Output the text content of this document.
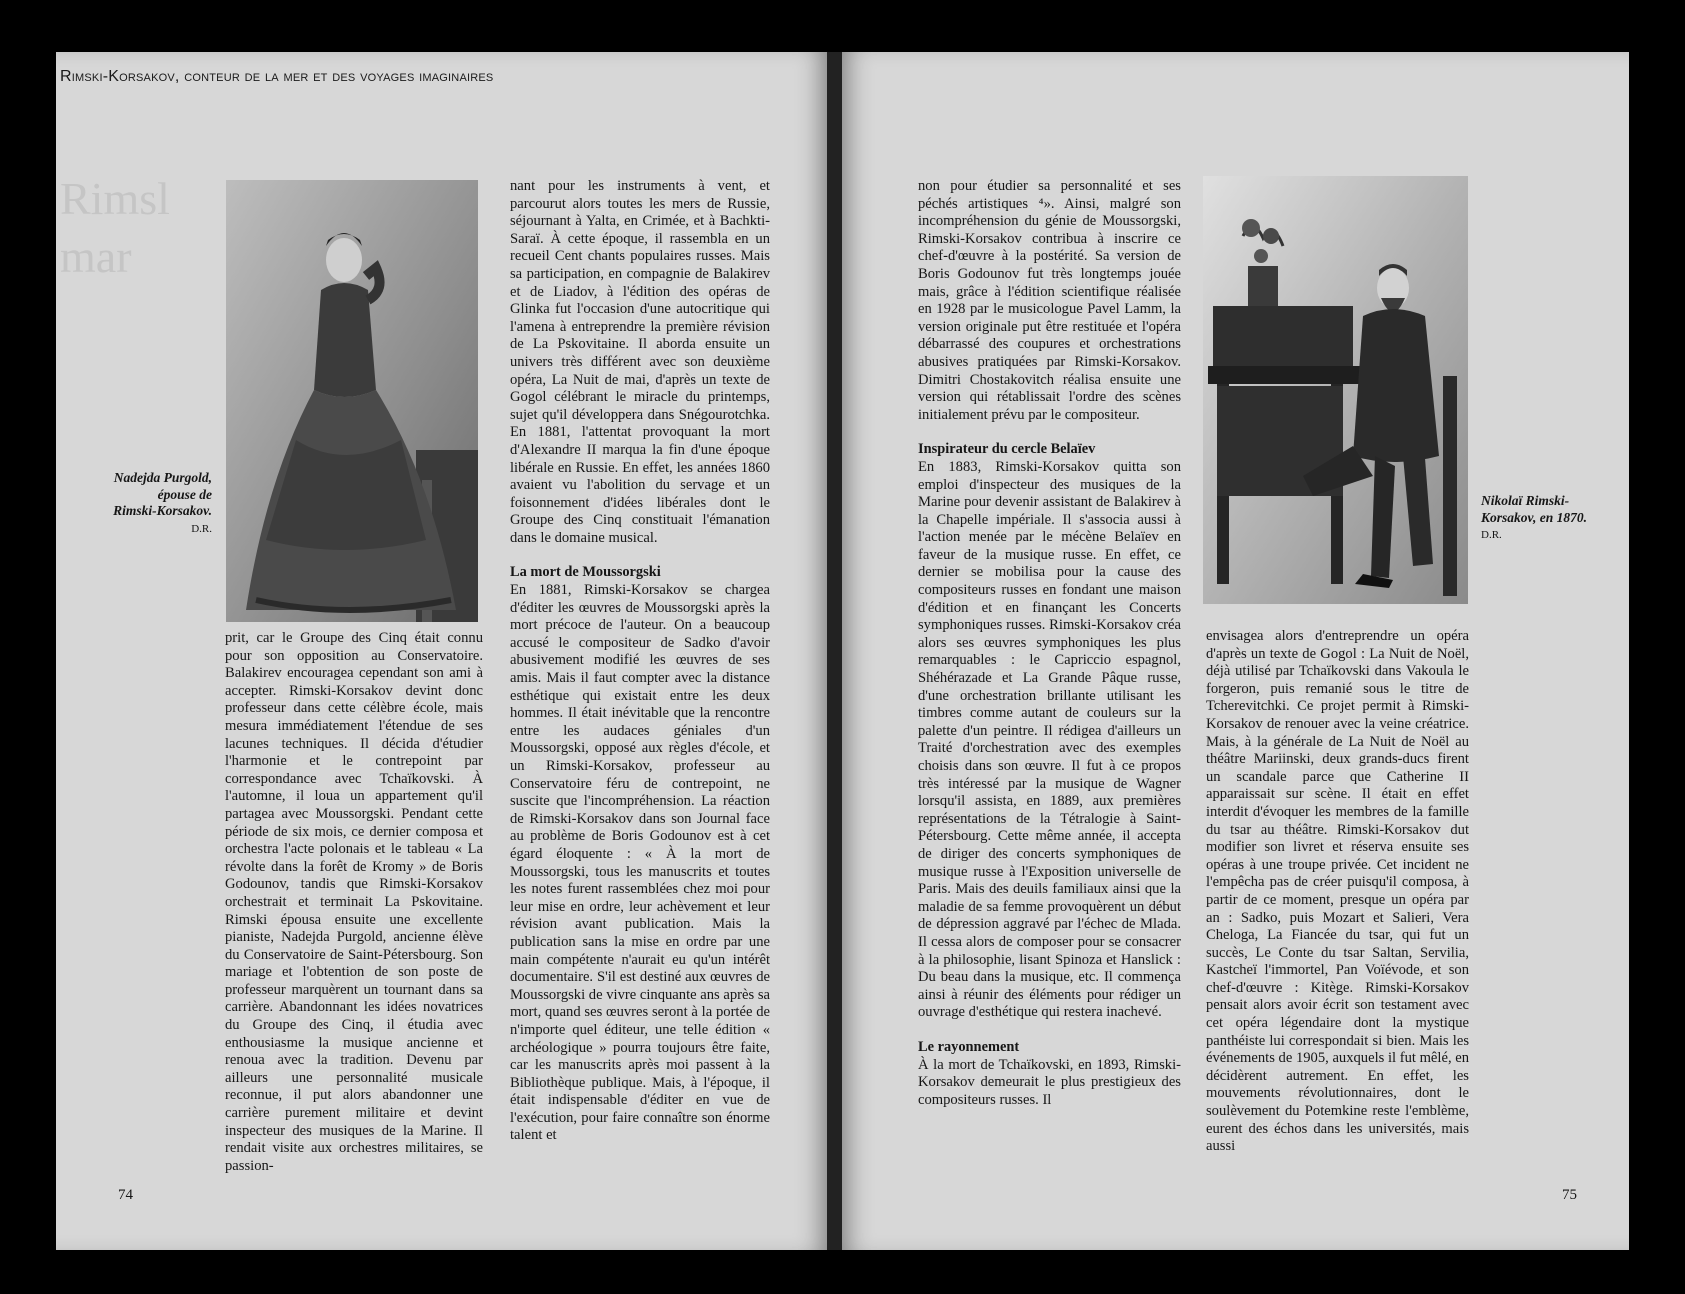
Rimsl
mar
Rimski-Korsakov, conteur de la mer et des voyages imaginaires
Nadejda Purgold, épouse de Rimski-Korsakov. D.R.

prit, car le Groupe des Cinq était connu pour son opposition au Conservatoire. Balakirev encouragea cependant son ami à accepter. Rimski-Korsakov devint donc professeur dans cette célèbre école, mais mesura immédiatement l'étendue de ses lacunes techniques. Il décida d'étudier l'harmonie et le contrepoint par correspondance avec Tchaïkovski. À l'automne, il loua un appartement qu'il partagea avec Moussorgski. Pendant cette période de six mois, ce dernier composa et orchestra l'acte polonais et le tableau « La révolte dans la forêt de Kromy » de Boris Godounov, tandis que Rimski-Korsakov orchestrait et terminait La Pskovitaine. Rimski épousa ensuite une excellente pianiste, Nadejda Purgold, ancienne élève du Conservatoire de Saint-Pétersbourg. Son mariage et l'obtention de son poste de professeur marquèrent un tournant dans sa carrière. Abandonnant les idées novatrices du Groupe des Cinq, il étudia avec enthousiasme la musique ancienne et renoua avec la tradition. Devenu par ailleurs une personnalité musicale reconnue, il put alors abandonner une carrière purement militaire et devint inspecteur des musiques de la Marine. Il rendait visite aux orchestres militaires, se passion-

nant pour les instruments à vent, et parcourut alors toutes les mers de Russie, séjournant à Yalta, en Crimée, et à Bachkti-Saraï. À cette époque, il rassembla en un recueil Cent chants populaires russes. Mais sa participation, en compagnie de Balakirev et de Liadov, à l'édition des opéras de Glinka fut l'occasion d'une autocritique qui l'amena à entreprendre la première révision de La Pskovitaine. Il aborda ensuite un univers très différent avec son deuxième opéra, La Nuit de mai, d'après un texte de Gogol célébrant le miracle du printemps, sujet qu'il développera dans Snégourotchka. En 1881, l'attentat provoquant la mort d'Alexandre II marqua la fin d'une époque libérale en Russie. En effet, les années 1860 avaient vu l'abolition du servage et un foisonnement d'idées libérales dont le Groupe des Cinq constituait l'émanation dans le domaine musical.

La mort de Moussorgski

En 1881, Rimski-Korsakov se chargea d'éditer les œuvres de Moussorgski après la mort précoce de l'auteur. On a beaucoup accusé le compositeur de Sadko d'avoir abusivement modifié les œuvres de ses amis. Mais il faut compter avec la distance esthétique qui existait entre les deux hommes. Il était inévitable que la rencontre entre les audaces géniales d'un Moussorgski, opposé aux règles d'école, et un Rimski-Korsakov, professeur au Conservatoire féru de contrepoint, ne suscite que l'incompréhension. La réaction de Rimski-Korsakov dans son Journal face au problème de Boris Godounov est à cet égard éloquente : « À la mort de Moussorgski, tous les manuscrits et toutes les notes furent rassemblées chez moi pour leur mise en ordre, leur achèvement et leur révision avant publication. Mais la publication sans la mise en ordre par une main compétente n'aurait eu qu'un intérêt documentaire. S'il est destiné aux œuvres de Moussorgski de vivre cinquante ans après sa mort, quand ses œuvres seront à la portée de n'importe quel éditeur, une telle édition « archéologique » pourra toujours être faite, car les manuscrits après moi passent à la Bibliothèque publique. Mais, à l'époque, il était indispensable d'éditer en vue de l'exécution, pour faire connaître son énorme talent et

non pour étudier sa personnalité et ses péchés artistiques ⁴». Ainsi, malgré son incompréhension du génie de Moussorgski, Rimski-Korsakov contribua à inscrire ce chef-d'œuvre à la postérité. Sa version de Boris Godounov fut très longtemps jouée mais, grâce à l'édition scientifique réalisée en 1928 par le musicologue Pavel Lamm, la version originale put être restituée et l'opéra débarrassé des coupures et orchestrations abusives pratiquées par Rimski-Korsakov. Dimitri Chostakovitch réalisa ensuite une version qui rétablissait l'ordre des scènes initialement prévu par le compositeur.

Inspirateur du cercle Belaïev

En 1883, Rimski-Korsakov quitta son emploi d'inspecteur des musiques de la Marine pour devenir assistant de Balakirev à la Chapelle impériale. Il s'associa aussi à l'action menée par le mécène Belaïev en faveur de la musique russe. En effet, ce dernier se mobilisa pour la cause des compositeurs russes en fondant une maison d'édition et en finançant les Concerts symphoniques russes. Rimski-Korsakov créa alors ses œuvres symphoniques les plus remarquables : le Capriccio espagnol, Shéhérazade et La Grande Pâque russe, d'une orchestration brillante utilisant les timbres comme autant de couleurs sur la palette d'un peintre. Il rédigea d'ailleurs un Traité d'orchestration avec des exemples choisis dans son œuvre. Il fut à ce propos très intéressé par la musique de Wagner lorsqu'il assista, en 1889, aux premières représentations de la Tétralogie à Saint-Pétersbourg. Cette même année, il accepta de diriger des concerts symphoniques de musique russe à l'Exposition universelle de Paris. Mais des deuils familiaux ainsi que la maladie de sa femme provoquèrent un début de dépression aggravé par l'échec de Mlada. Il cessa alors de composer pour se consacrer à la philosophie, lisant Spinoza et Hanslick : Du beau dans la musique, etc. Il commença ainsi à réunir des éléments pour rédiger un ouvrage d'esthétique qui restera inachevé.

Le rayonnement

À la mort de Tchaïkovski, en 1893, Rimski-Korsakov demeurait le plus prestigieux des compositeurs russes. Il

Nikolaï Rimski-Korsakov, en 1870. D.R.

envisagea alors d'entreprendre un opéra d'après un texte de Gogol : La Nuit de Noël, déjà utilisé par Tchaïkovski dans Vakoula le forgeron, puis remanié sous le titre de Tcherevitchki. Ce projet permit à Rimski-Korsakov de renouer avec la veine créatrice. Mais, à la générale de La Nuit de Noël au théâtre Mariinski, deux grands-ducs firent un scandale parce que Catherine II apparaissait sur scène. Il était en effet interdit d'évoquer les membres de la famille du tsar au théâtre. Rimski-Korsakov dut modifier son livret et réserva ensuite ses opéras à une troupe privée. Cet incident ne l'empêcha pas de créer puisqu'il composa, à partir de ce moment, presque un opéra par an : Sadko, puis Mozart et Salieri, Vera Cheloga, La Fiancée du tsar, qui fut un succès, Le Conte du tsar Saltan, Servilia, Kastcheï l'immortel, Pan Voïévode, et son chef-d'œuvre : Kitège. Rimski-Korsakov pensait alors avoir écrit son testament avec cet opéra légendaire dont la mystique panthéiste lui correspondait si bien. Mais les événements de 1905, auxquels il fut mêlé, en décidèrent autrement. En effet, les mouvements révolutionnaires, dont le soulèvement du Potemkine reste l'emblème, eurent des échos dans les universités, mais aussi

74	75
